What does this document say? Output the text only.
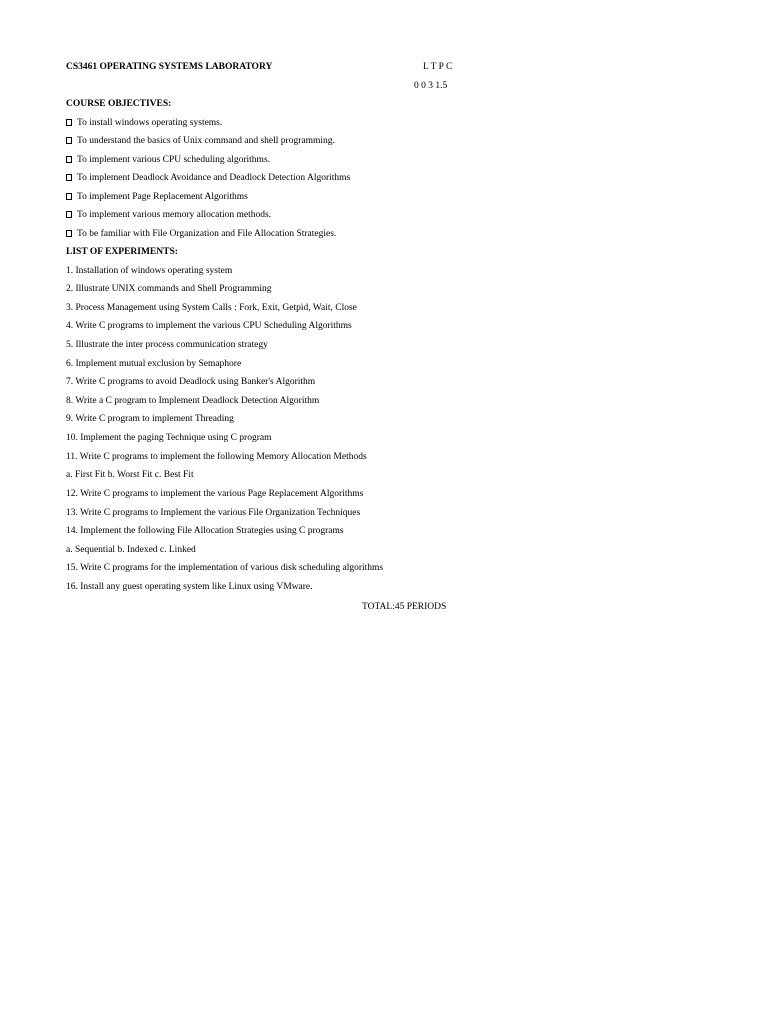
CS3461 OPERATING SYSTEMS LABORATORY	L T P C
0 0 3 1.5
COURSE OBJECTIVES:
To install windows operating systems.
To understand the basics of Unix command and shell programming.
To implement various CPU scheduling algorithms.
To implement Deadlock Avoidance and Deadlock Detection Algorithms
To implement Page Replacement Algorithms
To implement various memory allocation methods.
To be familiar with File Organization and File Allocation Strategies.
LIST OF EXPERIMENTS:
1. Installation of windows operating system
2. Illustrate UNIX commands and Shell Programming
3. Process Management using System Calls : Fork, Exit, Getpid, Wait, Close
4. Write C programs to implement the various CPU Scheduling Algorithms
5. Illustrate the inter process communication strategy
6. Implement mutual exclusion by Semaphore
7. Write C programs to avoid Deadlock using Banker's Algorithm
8. Write a C program to Implement Deadlock Detection Algorithm
9. Write C program to implement Threading
10. Implement the paging Technique using C program
11. Write C programs to implement the following Memory Allocation Methods
a. First Fit b. Worst Fit c. Best Fit
12. Write C programs to implement the various Page Replacement Algorithms
13. Write C programs to Implement the various File Organization Techniques
14. Implement the following File Allocation Strategies using C programs
a. Sequential b. Indexed c. Linked
15. Write C programs for the implementation of various disk scheduling algorithms
16. Install any guest operating system like Linux using VMware.
TOTAL:45 PERIODS
